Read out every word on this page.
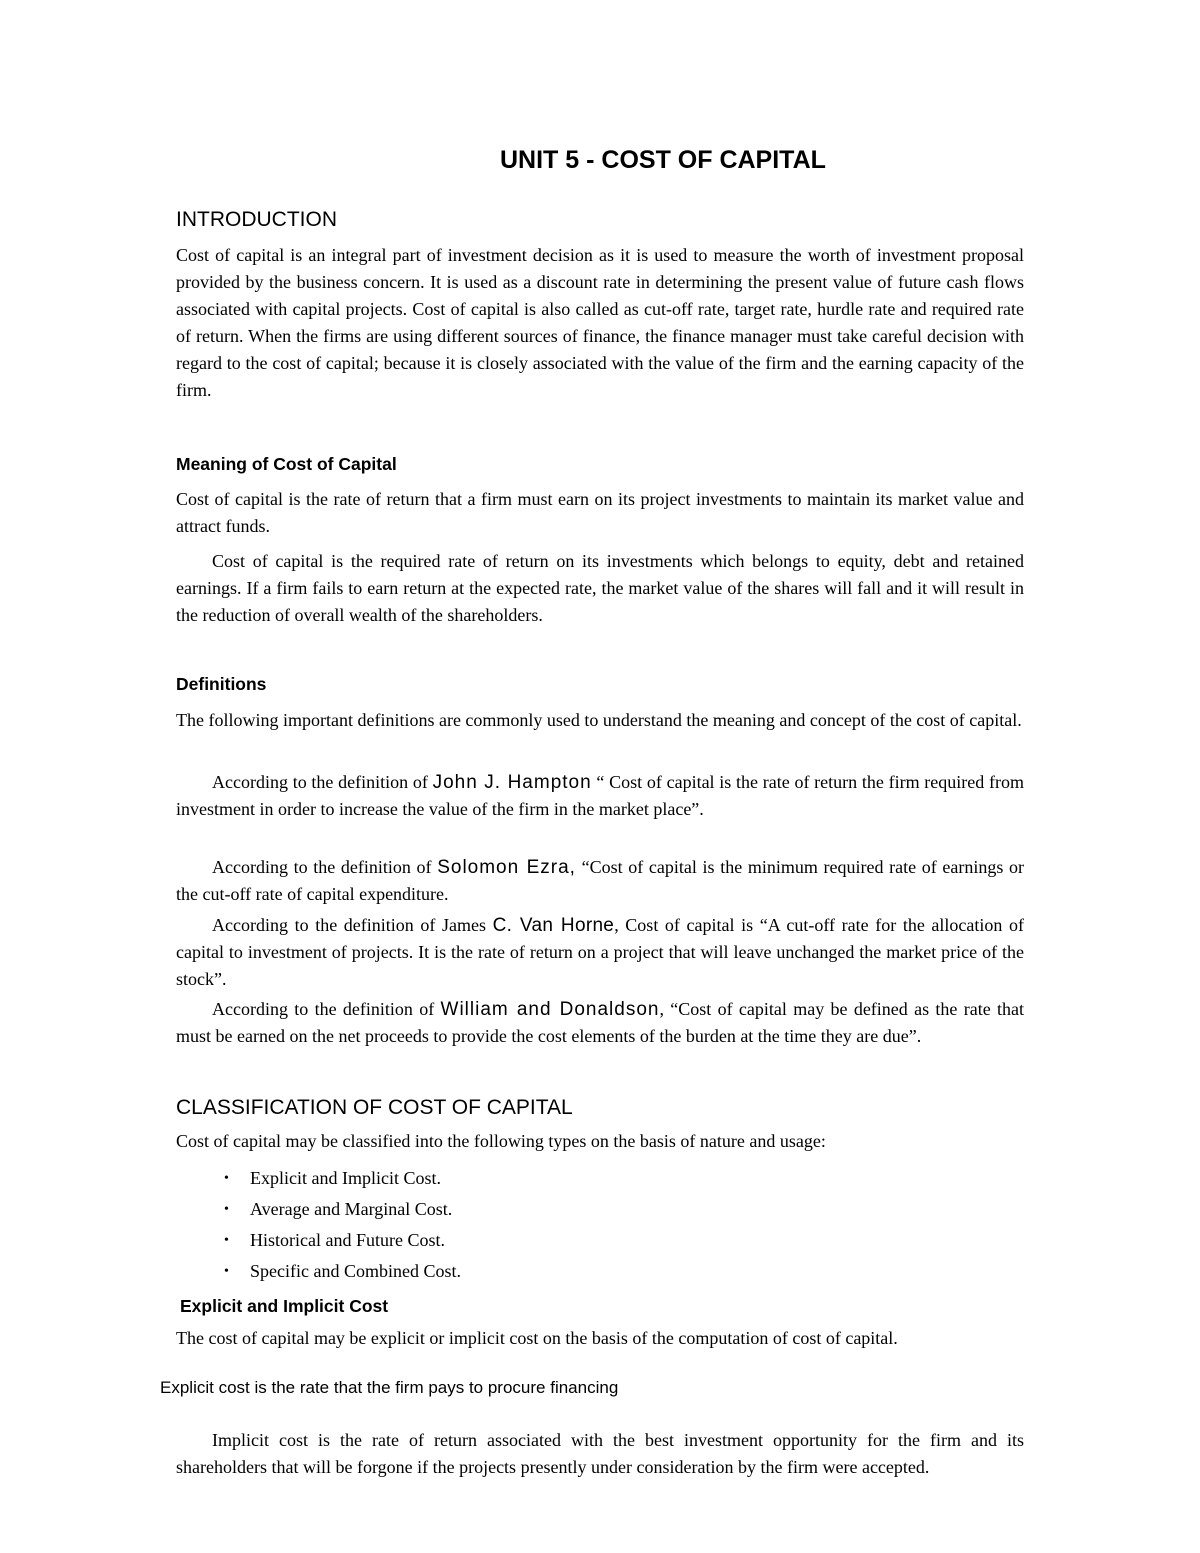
UNIT 5 - COST OF CAPITAL
INTRODUCTION

Cost of capital is an integral part of investment decision as it is used to measure the worth of investment proposal provided by the business concern. It is used as a discount rate in determining the present value of future cash flows associated with capital projects. Cost of capital is also called as cut-off rate, target rate, hurdle rate and required rate of return. When the firms are using different sources of finance, the finance manager must take careful decision with regard to the cost of capital; because it is closely associated with the value of the firm and the earning capacity of the firm.

Meaning of Cost of Capital

Cost of capital is the rate of return that a firm must earn on its project investments to maintain its market value and attract funds.

Cost of capital is the required rate of return on its investments which belongs to equity, debt and retained earnings. If a firm fails to earn return at the expected rate, the market value of the shares will fall and it will result in the reduction of overall wealth of the shareholders.

Definitions

The following important definitions are commonly used to understand the meaning and concept of the cost of capital.

According to the definition of John J. Hampton “ Cost of capital is the rate of return the firm required from investment in order to increase the value of the firm in the market place”.

According to the definition of Solomon Ezra, “Cost of capital is the minimum required rate of earnings or the cut-off rate of capital expenditure.

According to the definition of James C. Van Horne, Cost of capital is “A cut-off rate for the allocation of capital to investment of projects. It is the rate of return on a project that will leave unchanged the market price of the stock”.

According to the definition of William and Donaldson, “Cost of capital may be defined as the rate that must be earned on the net proceeds to provide the cost elements of the burden at the time they are due”.

CLASSIFICATION OF COST OF CAPITAL

Cost of capital may be classified into the following types on the basis of nature and usage:

• Explicit and Implicit Cost.
• Average and Marginal Cost.
• Historical and Future Cost.
• Specific and Combined Cost.
Explicit and Implicit Cost

The cost of capital may be explicit or implicit cost on the basis of the computation of cost of capital.

Explicit cost is the rate that the firm pays to procure financing

Implicit cost is the rate of return associated with the best investment opportunity for the firm and its shareholders that will be forgone if the projects presently under consideration by the firm were accepted.
